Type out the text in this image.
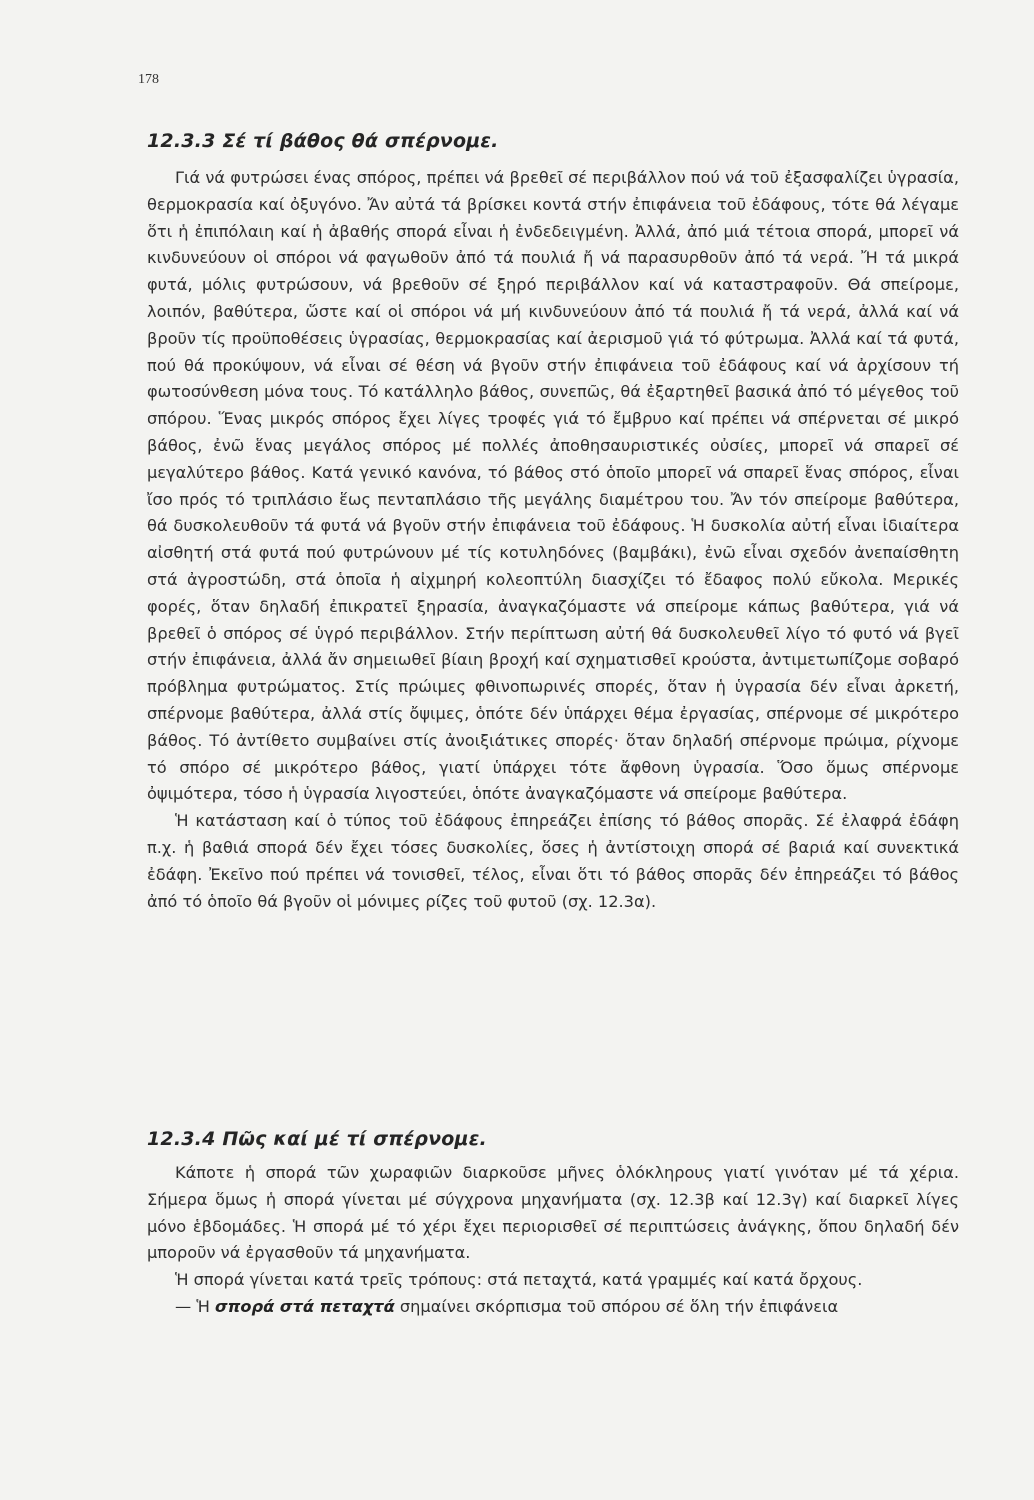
178
12.3.3 Σέ τί βάθος θά σπέρνομε.

Γιά νά φυτρώσει ένας σπόρος, πρέπει νά βρεθεῖ σέ περιβάλλον πού νά τοῦ ἐξασφαλίζει ὑγρασία, θερμοκρασία καί ὀξυγόνο. Ἄν αὐτά τά βρίσκει κοντά στήν ἐπιφάνεια τοῦ ἐδάφους, τότε θά λέγαμε ὅτι ἡ ἐπιπόλαιη καί ἡ ἀβαθής σπορά εἶναι ἡ ἐνδεδειγμένη. Ἀλλά, ἀπό μιά τέτοια σπορά, μπορεῖ νά κινδυνεύουν οἱ σπόροι νά φαγωθοῦν ἀπό τά πουλιά ἤ νά παρασυρθοῦν ἀπό τά νερά. Ἤ τά μικρά φυτά, μόλις φυτρώσουν, νά βρεθοῦν σέ ξηρό περιβάλλον καί νά καταστραφοῦν. Θά σπείρομε, λοιπόν, βαθύτερα, ὥστε καί οἱ σπόροι νά μή κινδυνεύουν ἀπό τά πουλιά ἤ τά νερά, ἀλλά καί νά βροῦν τίς προϋποθέσεις ὑγρασίας, θερμοκρασίας καί ἀερισμοῦ γιά τό φύτρωμα. Ἀλλά καί τά φυτά, πού θά προκύψουν, νά εἶναι σέ θέση νά βγοῦν στήν ἐπιφάνεια τοῦ ἐδάφους καί νά ἀρχίσουν τή φωτοσύνθεση μόνα τους. Τό κατάλληλο βάθος, συνεπῶς, θά ἐξαρτηθεῖ βασικά ἀπό τό μέγεθος τοῦ σπόρου. Ἕνας μικρός σπόρος ἔχει λίγες τροφές γιά τό ἔμβρυο καί πρέπει νά σπέρνεται σέ μικρό βάθος, ἐνῶ ἕνας μεγάλος σπόρος μέ πολλές ἀποθησαυριστικές οὐσίες, μπορεῖ νά σπαρεῖ σέ μεγαλύτερο βάθος. Κατά γενικό κανόνα, τό βάθος στό ὁποῖο μπορεῖ νά σπαρεῖ ἕνας σπόρος, εἶναι ἴσο πρός τό τριπλάσιο ἕως πενταπλάσιο τῆς μεγάλης διαμέτρου του. Ἄν τόν σπείρομε βαθύτερα, θά δυσκολευθοῦν τά φυτά νά βγοῦν στήν ἐπιφάνεια τοῦ ἐδάφους. Ἡ δυσκολία αὐτή εἶναι ἰδιαίτερα αἰσθητή στά φυτά πού φυτρώνουν μέ τίς κοτυληδόνες (βαμβάκι), ἐνῶ εἶναι σχεδόν ἀνεπαίσθητη στά ἀγροστώδη, στά ὁποῖα ἡ αἰχμηρή κολεοπτύλη διασχίζει τό ἔδαφος πολύ εὔκολα. Μερικές φορές, ὅταν δηλαδή ἐπικρατεῖ ξηρασία, ἀναγκαζόμαστε νά σπείρομε κάπως βαθύτερα, γιά νά βρεθεῖ ὁ σπόρος σέ ὑγρό περιβάλλον. Στήν περίπτωση αὐτή θά δυσκολευθεῖ λίγο τό φυτό νά βγεῖ στήν ἐπιφάνεια, ἀλλά ἄν σημειωθεῖ βίαιη βροχή καί σχηματισθεῖ κρούστα, ἀντιμετωπίζομε σοβαρό πρόβλημα φυτρώματος. Στίς πρώιμες φθινοπωρινές σπορές, ὅταν ἡ ὑγρασία δέν εἶναι ἀρκετή, σπέρνομε βαθύτερα, ἀλλά στίς ὄψιμες, ὁπότε δέν ὑπάρχει θέμα ἐργασίας, σπέρνομε σέ μικρότερο βάθος. Τό ἀντίθετο συμβαίνει στίς ἀνοιξιάτικες σπορές· ὅταν δηλαδή σπέρνομε πρώιμα, ρίχνομε τό σπόρο σέ μικρότερο βάθος, γιατί ὑπάρχει τότε ἄφθονη ὑγρασία. Ὅσο ὅμως σπέρνομε ὀψιμότερα, τόσο ἡ ὑγρασία λιγοστεύει, ὁπότε ἀναγκαζόμαστε νά σπείρομε βαθύτερα.

Ἡ κατάσταση καί ὁ τύπος τοῦ ἐδάφους ἐπηρεάζει ἐπίσης τό βάθος σπορᾶς. Σέ ἐλαφρά ἐδάφη π.χ. ἡ βαθιά σπορά δέν ἔχει τόσες δυσκολίες, ὅσες ἡ ἀντίστοιχη σπορά σέ βαριά καί συνεκτικά ἐδάφη. Ἐκεῖνο πού πρέπει νά τονισθεῖ, τέλος, εἶναι ὅτι τό βάθος σπορᾶς δέν ἐπηρεάζει τό βάθος ἀπό τό ὁποῖο θά βγοῦν οἱ μόνιμες ρίζες τοῦ φυτοῦ (σχ. 12.3α).

12.3.4 Πῶς καί μέ τί σπέρνομε.

Κάποτε ἡ σπορά τῶν χωραφιῶν διαρκοῦσε μῆνες ὁλόκληρους γιατί γινόταν μέ τά χέρια. Σήμερα ὅμως ἡ σπορά γίνεται μέ σύγχρονα μηχανήματα (σχ. 12.3β καί 12.3γ) καί διαρκεῖ λίγες μόνο ἑβδομάδες. Ἡ σπορά μέ τό χέρι ἔχει περιορισθεῖ σέ περιπτώσεις ἀνάγκης, ὅπου δηλαδή δέν μποροῦν νά ἐργασθοῦν τά μηχανήματα.

Ἡ σπορά γίνεται κατά τρεῖς τρόπους: στά πεταχτά, κατά γραμμές καί κατά ὄρχους.

— Ἡ σπορά στά πεταχτά σημαίνει σκόρπισμα τοῦ σπόρου σέ ὅλη τήν ἐπιφάνεια
